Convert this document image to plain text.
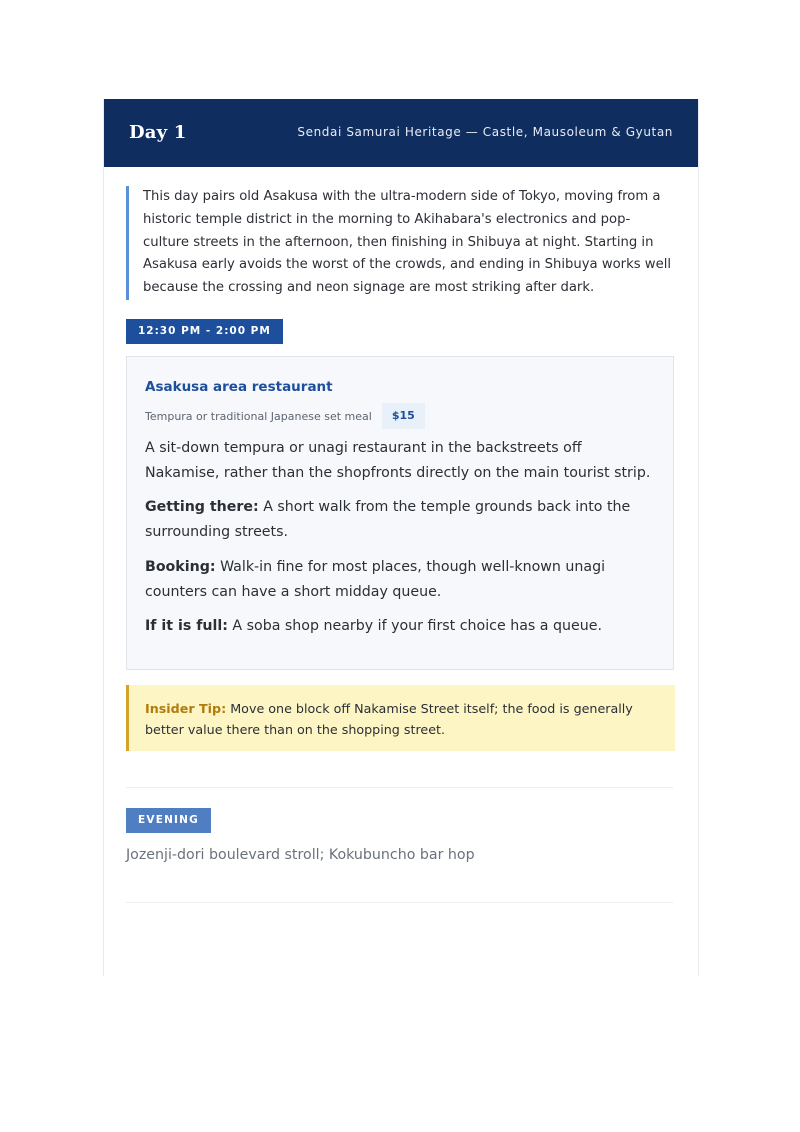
Day 1	Sendai Samurai Heritage — Castle, Mausoleum & Gyutan
This day pairs old Asakusa with the ultra-modern side of Tokyo, moving from a historic temple district in the morning to Akihabara's electronics and pop-culture streets in the afternoon, then finishing in Shibuya at night. Starting in Asakusa early avoids the worst of the crowds, and ending in Shibuya works well because the crossing and neon signage are most striking after dark.
12:30 PM - 2:00 PM
Asakusa area restaurant
Tempura or traditional Japanese set meal	$15
A sit-down tempura or unagi restaurant in the backstreets off Nakamise, rather than the shopfronts directly on the main tourist strip.
Getting there: A short walk from the temple grounds back into the surrounding streets.
Booking: Walk-in fine for most places, though well-known unagi counters can have a short midday queue.
If it is full: A soba shop nearby if your first choice has a queue.
Insider Tip: Move one block off Nakamise Street itself; the food is generally better value there than on the shopping street.
EVENING
Jozenji-dori boulevard stroll; Kokubuncho bar hop
